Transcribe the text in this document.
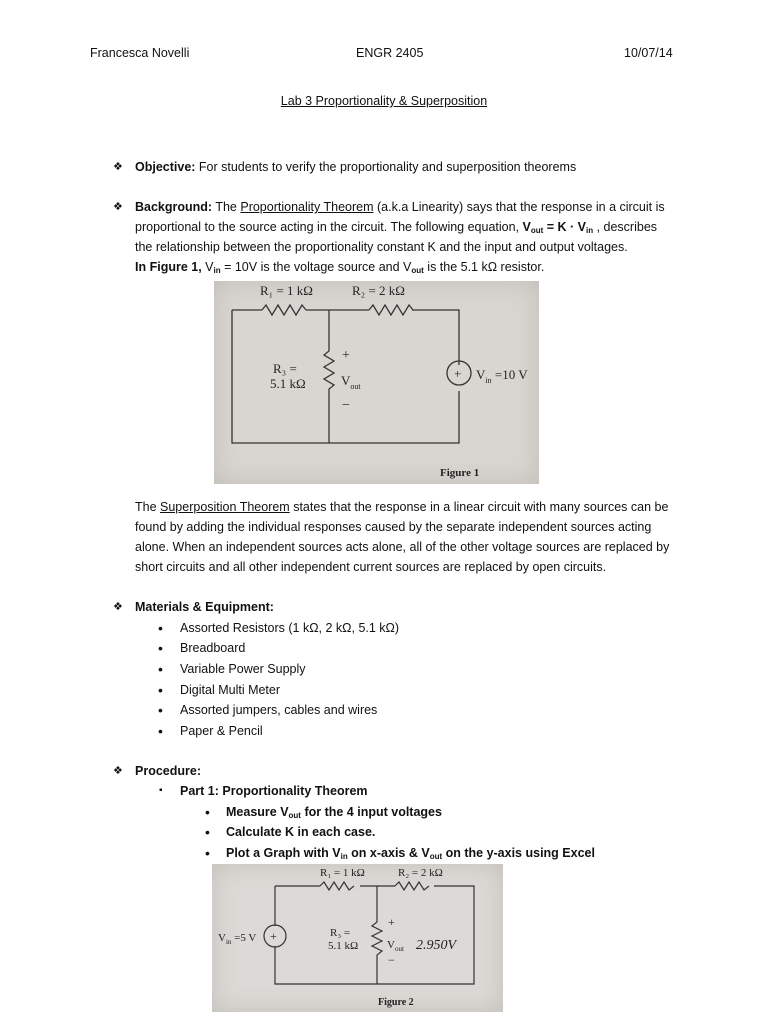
Francesca Novelli	ENGR 2405	10/07/14
Lab 3 Proportionality & Superposition
❖ Objective: For students to verify the proportionality and superposition theorems
❖ Background: The Proportionality Theorem (a.k.a Linearity) says that the response in a circuit is
proportional to the source acting in the circuit. The following equation, $V_{out} = K \cdot V_{in}$ , describes
the relationship between the proportionality constant K and the input and output voltages.
In Figure 1, $V_{in} = 10V$ is the voltage source and $V_{out}$ is the 5.1 kΩ resistor.
R₁ = 1 kΩ	R₂ = 2 kΩ
R₃ =
5.1 kΩ
+
−
$V_{out}$
+ $V_{in} =10$ V
Figure 1
The Superposition Theorem states that the response in a linear circuit with many sources can be
found by adding the individual responses caused by the separate independent sources acting
alone. When an independent sources acts alone, all of the other voltage sources are replaced by
short circuits and all other independent current sources are replaced by open circuits.
❖ Materials & Equipment:
• Assorted Resistors (1 kΩ, 2 kΩ, 5.1 kΩ)
• Breadboard
• Variable Power Supply
• Digital Multi Meter
• Assorted jumpers, cables and wires
• Paper & Pencil
❖ Procedure:
▪ Part 1: Proportionality Theorem
• Measure $V_{out}$ for the 4 input voltages
• Calculate K in each case.
• Plot a Graph with $V_{in}$ on x-axis & $V_{out}$ on the y-axis using Excel
R₁ = 1 kΩ	R₂ = 2 kΩ
$V_{in} =5$ V +	R₃ =
5.1 kΩ
+
−
$V_{out}$ 2.950V
Figure 2
